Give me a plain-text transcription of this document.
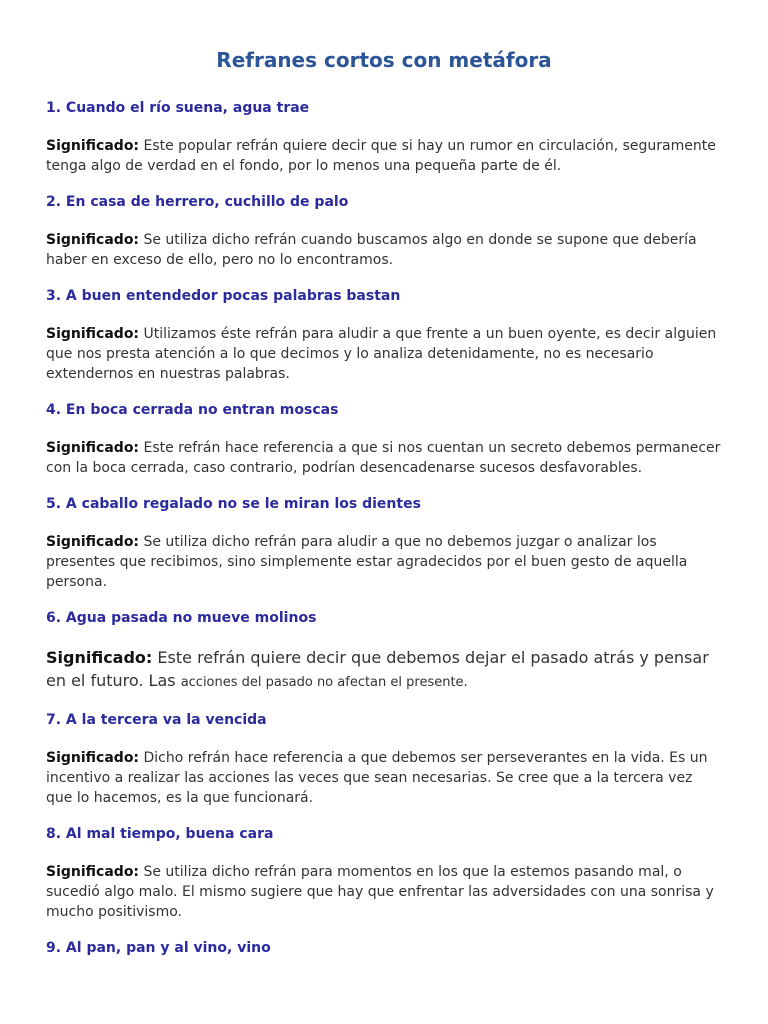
Refranes cortos con metáfora

1. Cuando el río suena, agua trae

Significado: Este popular refrán quiere decir que si hay un rumor en circulación, seguramente tenga algo de verdad en el fondo, por lo menos una pequeña parte de él.

2. En casa de herrero, cuchillo de palo

Significado: Se utiliza dicho refrán cuando buscamos algo en donde se supone que debería haber en exceso de ello, pero no lo encontramos.

3. A buen entendedor pocas palabras bastan

Significado: Utilizamos éste refrán para aludir a que frente a un buen oyente, es decir alguien que nos presta atención a lo que decimos y lo analiza detenidamente, no es necesario extendernos en nuestras palabras.

4. En boca cerrada no entran moscas

Significado: Este refrán hace referencia a que si nos cuentan un secreto debemos permanecer con la boca cerrada, caso contrario, podrían desencadenarse sucesos desfavorables.

5. A caballo regalado no se le miran los dientes

Significado: Se utiliza dicho refrán para aludir a que no debemos juzgar o analizar los presentes que recibimos, sino simplemente estar agradecidos por el buen gesto de aquella persona.

6. Agua pasada no mueve molinos

Significado: Este refrán quiere decir que debemos dejar el pasado atrás y pensar en el futuro. Las acciones del pasado no afectan el presente.

7. A la tercera va la vencida

Significado: Dicho refrán hace referencia a que debemos ser perseverantes en la vida. Es un incentivo a realizar las acciones las veces que sean necesarias. Se cree que a la tercera vez que lo hacemos, es la que funcionará.

8. Al mal tiempo, buena cara

Significado: Se utiliza dicho refrán para momentos en los que la estemos pasando mal, o sucedió algo malo. El mismo sugiere que hay que enfrentar las adversidades con una sonrisa y mucho positivismo.

9. Al pan, pan y al vino, vino
